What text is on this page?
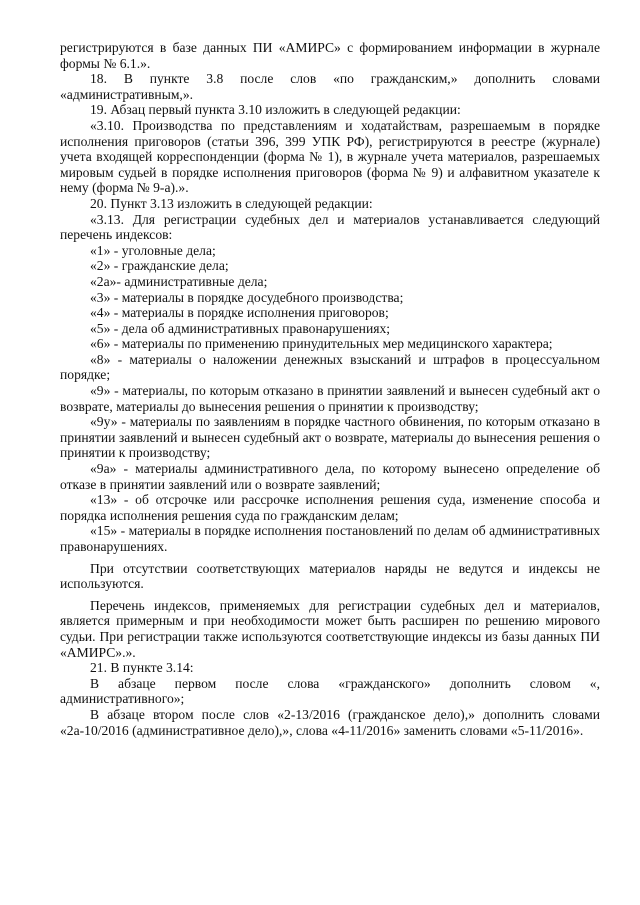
регистрируются в базе данных ПИ «АМИРС» с формированием информации в журнале формы № 6.1.».

18. В пункте 3.8 после слов «по гражданским,» дополнить словами «административным,».

19. Абзац первый пункта 3.10 изложить в следующей редакции:

«3.10. Производства по представлениям и ходатайствам, разрешаемым в порядке исполнения приговоров (статьи 396, 399 УПК РФ), регистрируются в реестре (журнале) учета входящей корреспонденции (форма № 1), в журнале учета материалов, разрешаемых мировым судьей в порядке исполнения приговоров (форма № 9) и алфавитном указателе к нему (форма № 9-а).».

20. Пункт 3.13 изложить в следующей редакции:

«3.13. Для регистрации судебных дел и материалов устанавливается следующий перечень индексов:

«1» - уголовные дела;

«2» - гражданские дела;

«2а»- административные дела;

«3» - материалы в порядке досудебного производства;

«4» - материалы в порядке исполнения приговоров;

«5» - дела об административных правонарушениях;

«6» - материалы по применению принудительных мер медицинского характера;

«8» - материалы о наложении денежных взысканий и штрафов в процессуальном порядке;

«9» - материалы, по которым отказано в принятии заявлений и вынесен судебный акт о возврате, материалы до вынесения решения о принятии к производству;

«9у» - материалы по заявлениям в порядке частного обвинения, по которым отказано в принятии заявлений и вынесен судебный акт о возврате, материалы до вынесения решения о принятии к производству;

«9а» - материалы административного дела, по которому вынесено определение об отказе в принятии заявлений или о возврате заявлений;

«13» - об отсрочке или рассрочке исполнения решения суда, изменение способа и порядка исполнения решения суда по гражданским делам;

«15» - материалы в порядке исполнения постановлений по делам об административных правонарушениях.

При отсутствии соответствующих материалов наряды не ведутся и индексы не используются.

Перечень индексов, применяемых для регистрации судебных дел и материалов, является примерным и при необходимости может быть расширен по решению мирового судьи. При регистрации также используются соответствующие индексы из базы данных ПИ «АМИРС».».

21. В пункте 3.14:

В абзаце первом после слова «гражданского» дополнить словом «, административного»;

В абзаце втором после слов «2-13/2016 (гражданское дело),» дополнить словами «2а-10/2016 (административное дело),», слова «4-11/2016» заменить словами «5-11/2016».
